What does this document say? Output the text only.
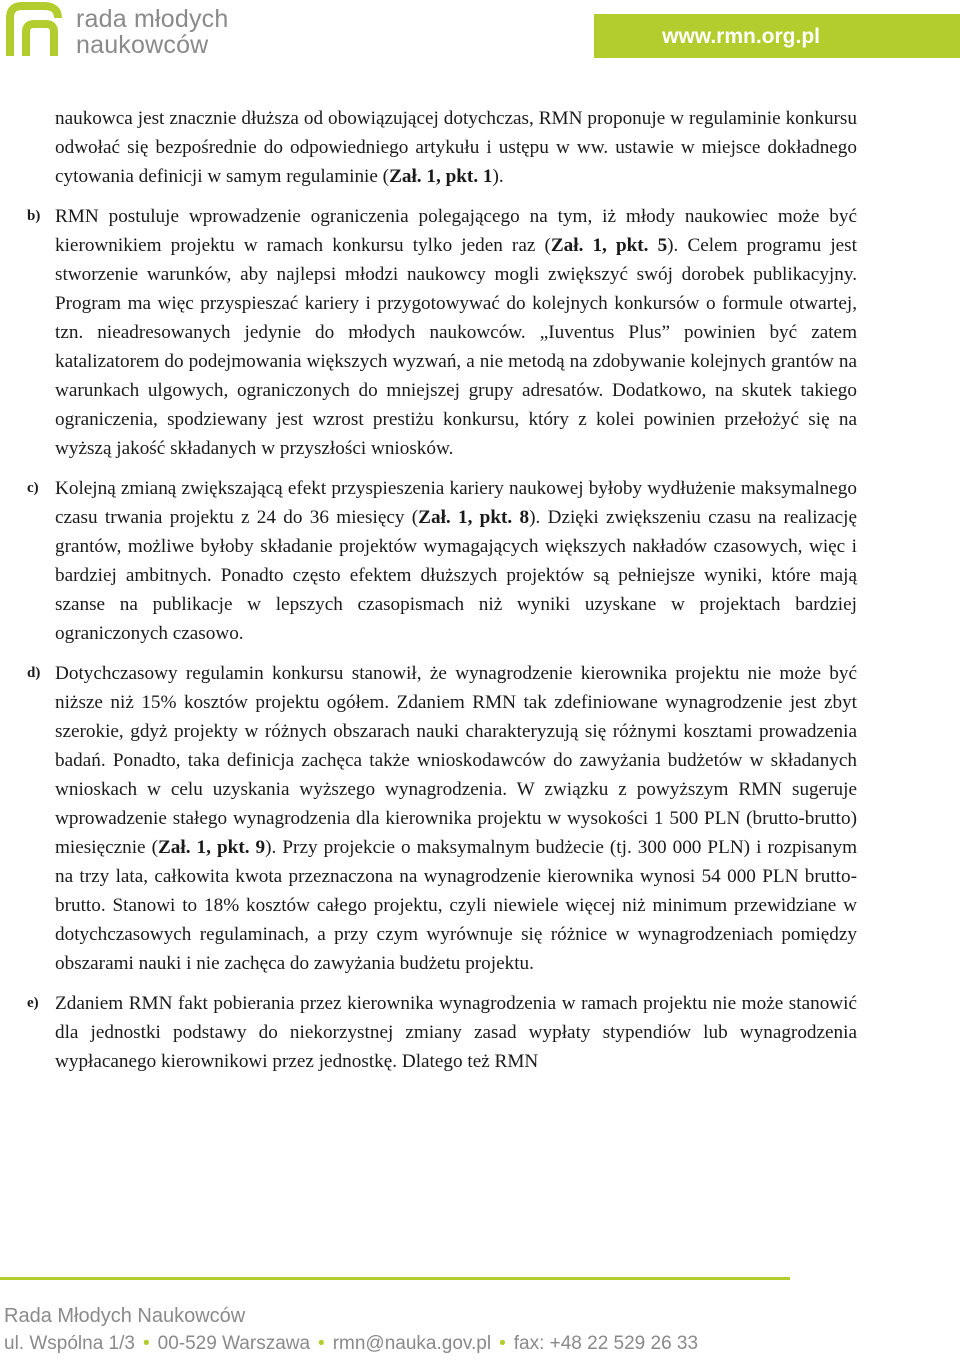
rada młodych
naukowców	www.rmn.org.pl
naukowca jest znacznie dłuższa od obowiązującej dotychczas, RMN proponuje w regulaminie konkursu odwołać się bezpośrednie do odpowiedniego artykułu i ustępu w ww. ustawie w miejsce dokładnego cytowania definicji w samym regulaminie (Zał. 1, pkt. 1).
b) RMN postuluje wprowadzenie ograniczenia polegającego na tym, iż młody naukowiec może być kierownikiem projektu w ramach konkursu tylko jeden raz (Zał. 1, pkt. 5). Celem programu jest stworzenie warunków, aby najlepsi młodzi naukowcy mogli zwiększyć swój dorobek publikacyjny. Program ma więc przyspieszać kariery i przygotowywać do kolejnych konkursów o formule otwartej, tzn. nieadresowanych jedynie do młodych naukowców. „Iuventus Plus” powinien być zatem katalizatorem do podejmowania większych wyzwań, a nie metodą na zdobywanie kolejnych grantów na warunkach ulgowych, ograniczonych do mniejszej grupy adresatów. Dodatkowo, na skutek takiego ograniczenia, spodziewany jest wzrost prestiżu konkursu, który z kolei powinien przełożyć się na wyższą jakość składanych w przyszłości wniosków.
c) Kolejną zmianą zwiększającą efekt przyspieszenia kariery naukowej byłoby wydłużenie maksymalnego czasu trwania projektu z 24 do 36 miesięcy (Zał. 1, pkt. 8). Dzięki zwiększeniu czasu na realizację grantów, możliwe byłoby składanie projektów wymagających większych nakładów czasowych, więc i bardziej ambitnych. Ponadto często efektem dłuższych projektów są pełniejsze wyniki, które mają szanse na publikacje w lepszych czasopismach niż wyniki uzyskane w projektach bardziej ograniczonych czasowo.
d) Dotychczasowy regulamin konkursu stanowił, że wynagrodzenie kierownika projektu nie może być niższe niż 15% kosztów projektu ogółem. Zdaniem RMN tak zdefiniowane wynagrodzenie jest zbyt szerokie, gdyż projekty w różnych obszarach nauki charakteryzują się różnymi kosztami prowadzenia badań. Ponadto, taka definicja zachęca także wnioskodawców do zawyżania budżetów w składanych wnioskach w celu uzyskania wyższego wynagrodzenia. W związku z powyższym RMN sugeruje wprowadzenie stałego wynagrodzenia dla kierownika projektu w wysokości 1 500 PLN (brutto-brutto) miesięcznie (Zał. 1, pkt. 9). Przy projekcie o maksymalnym budżecie (tj. 300 000 PLN) i rozpisanym na trzy lata, całkowita kwota przeznaczona na wynagrodzenie kierownika wynosi 54 000 PLN brutto-brutto. Stanowi to 18% kosztów całego projektu, czyli niewiele więcej niż minimum przewidziane w dotychczasowych regulaminach, a przy czym wyrównuje się różnice w wynagrodzeniach pomiędzy obszarami nauki i nie zachęca do zawyżania budżetu projektu.
e) Zdaniem RMN fakt pobierania przez kierownika wynagrodzenia w ramach projektu nie może stanowić dla jednostki podstawy do niekorzystnej zmiany zasad wypłaty stypendiów lub wynagrodzenia wypłacanego kierownikowi przez jednostkę. Dlatego też RMN
Rada Młodych Naukowców
ul. Wspólna 1/3 • 00-529 Warszawa • rmn@nauka.gov.pl • fax: +48 22 529 26 33
